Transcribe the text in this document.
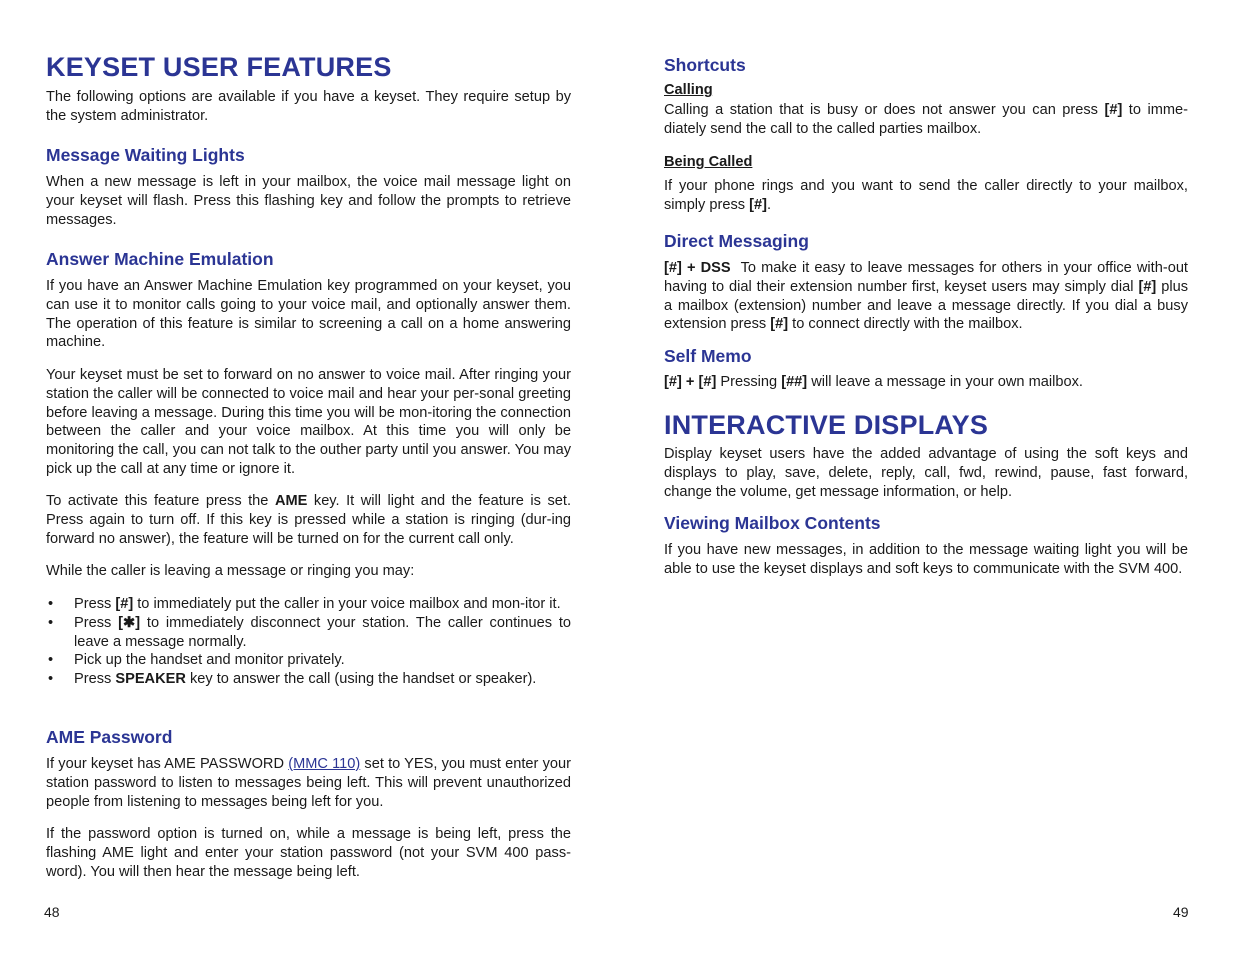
KEYSET USER FEATURES

The following options are available if you have a keyset. They require setup by the system administrator.

Message Waiting Lights

When a new message is left in your mailbox, the voice mail message light on your keyset will flash. Press this flashing key and follow the prompts to retrieve messages.

Answer Machine Emulation

If you have an Answer Machine Emulation key programmed on your keyset, you can use it to monitor calls going to your voice mail, and optionally answer them. The operation of this feature is similar to screening a call on a home answering machine.

Your keyset must be set to forward on no answer to voice mail. After ringing your station the caller will be connected to voice mail and hear your per-sonal greeting before leaving a message. During this time you will be mon-itoring the connection between the caller and your voice mailbox. At this time you will only be monitoring the call, you can not talk to the outher party until you answer. You may pick up the call at any time or ignore it.

To activate this feature press the AME key. It will light and the feature is set. Press again to turn off. If this key is pressed while a station is ringing (dur-ing forward no answer), the feature will be turned on for the current call only.

While the caller is leaving a message or ringing you may:

• Press [#] to immediately put the caller in your voice mailbox and mon-itor it.
• Press [✱] to immediately disconnect your station. The caller continues to leave a message normally.
• Pick up the handset and monitor privately.
• Press SPEAKER key to answer the call (using the handset or speaker).
AME Password

If your keyset has AME PASSWORD (MMC 110) set to YES, you must enter your station password to listen to messages being left. This will prevent unauthorized people from listening to messages being left for you.

If the password option is turned on, while a message is being left, press the flashing AME light and enter your station password (not your SVM 400 pass-word). You will then hear the message being left.

48
Shortcuts
Calling

Calling a station that is busy or does not answer you can press [#] to imme-diately send the call to the called parties mailbox.

Being Called

If your phone rings and you want to send the caller directly to your mailbox, simply press [#].

Direct Messaging

[#] + DSS  To make it easy to leave messages for others in your office with-out having to dial their extension number first, keyset users may simply dial [#] plus a mailbox (extension) number and leave a message directly. If you dial a busy extension press [#] to connect directly with the mailbox.

Self Memo

[#] + [#] Pressing [##] will leave a message in your own mailbox.

INTERACTIVE DISPLAYS

Display keyset users have the added advantage of using the soft keys and displays to play, save, delete, reply, call, fwd, rewind, pause, fast forward, change the volume, get message information, or help.

Viewing Mailbox Contents

If you have new messages, in addition to the message waiting light you will be able to use the keyset displays and soft keys to communicate with the SVM 400.

49
